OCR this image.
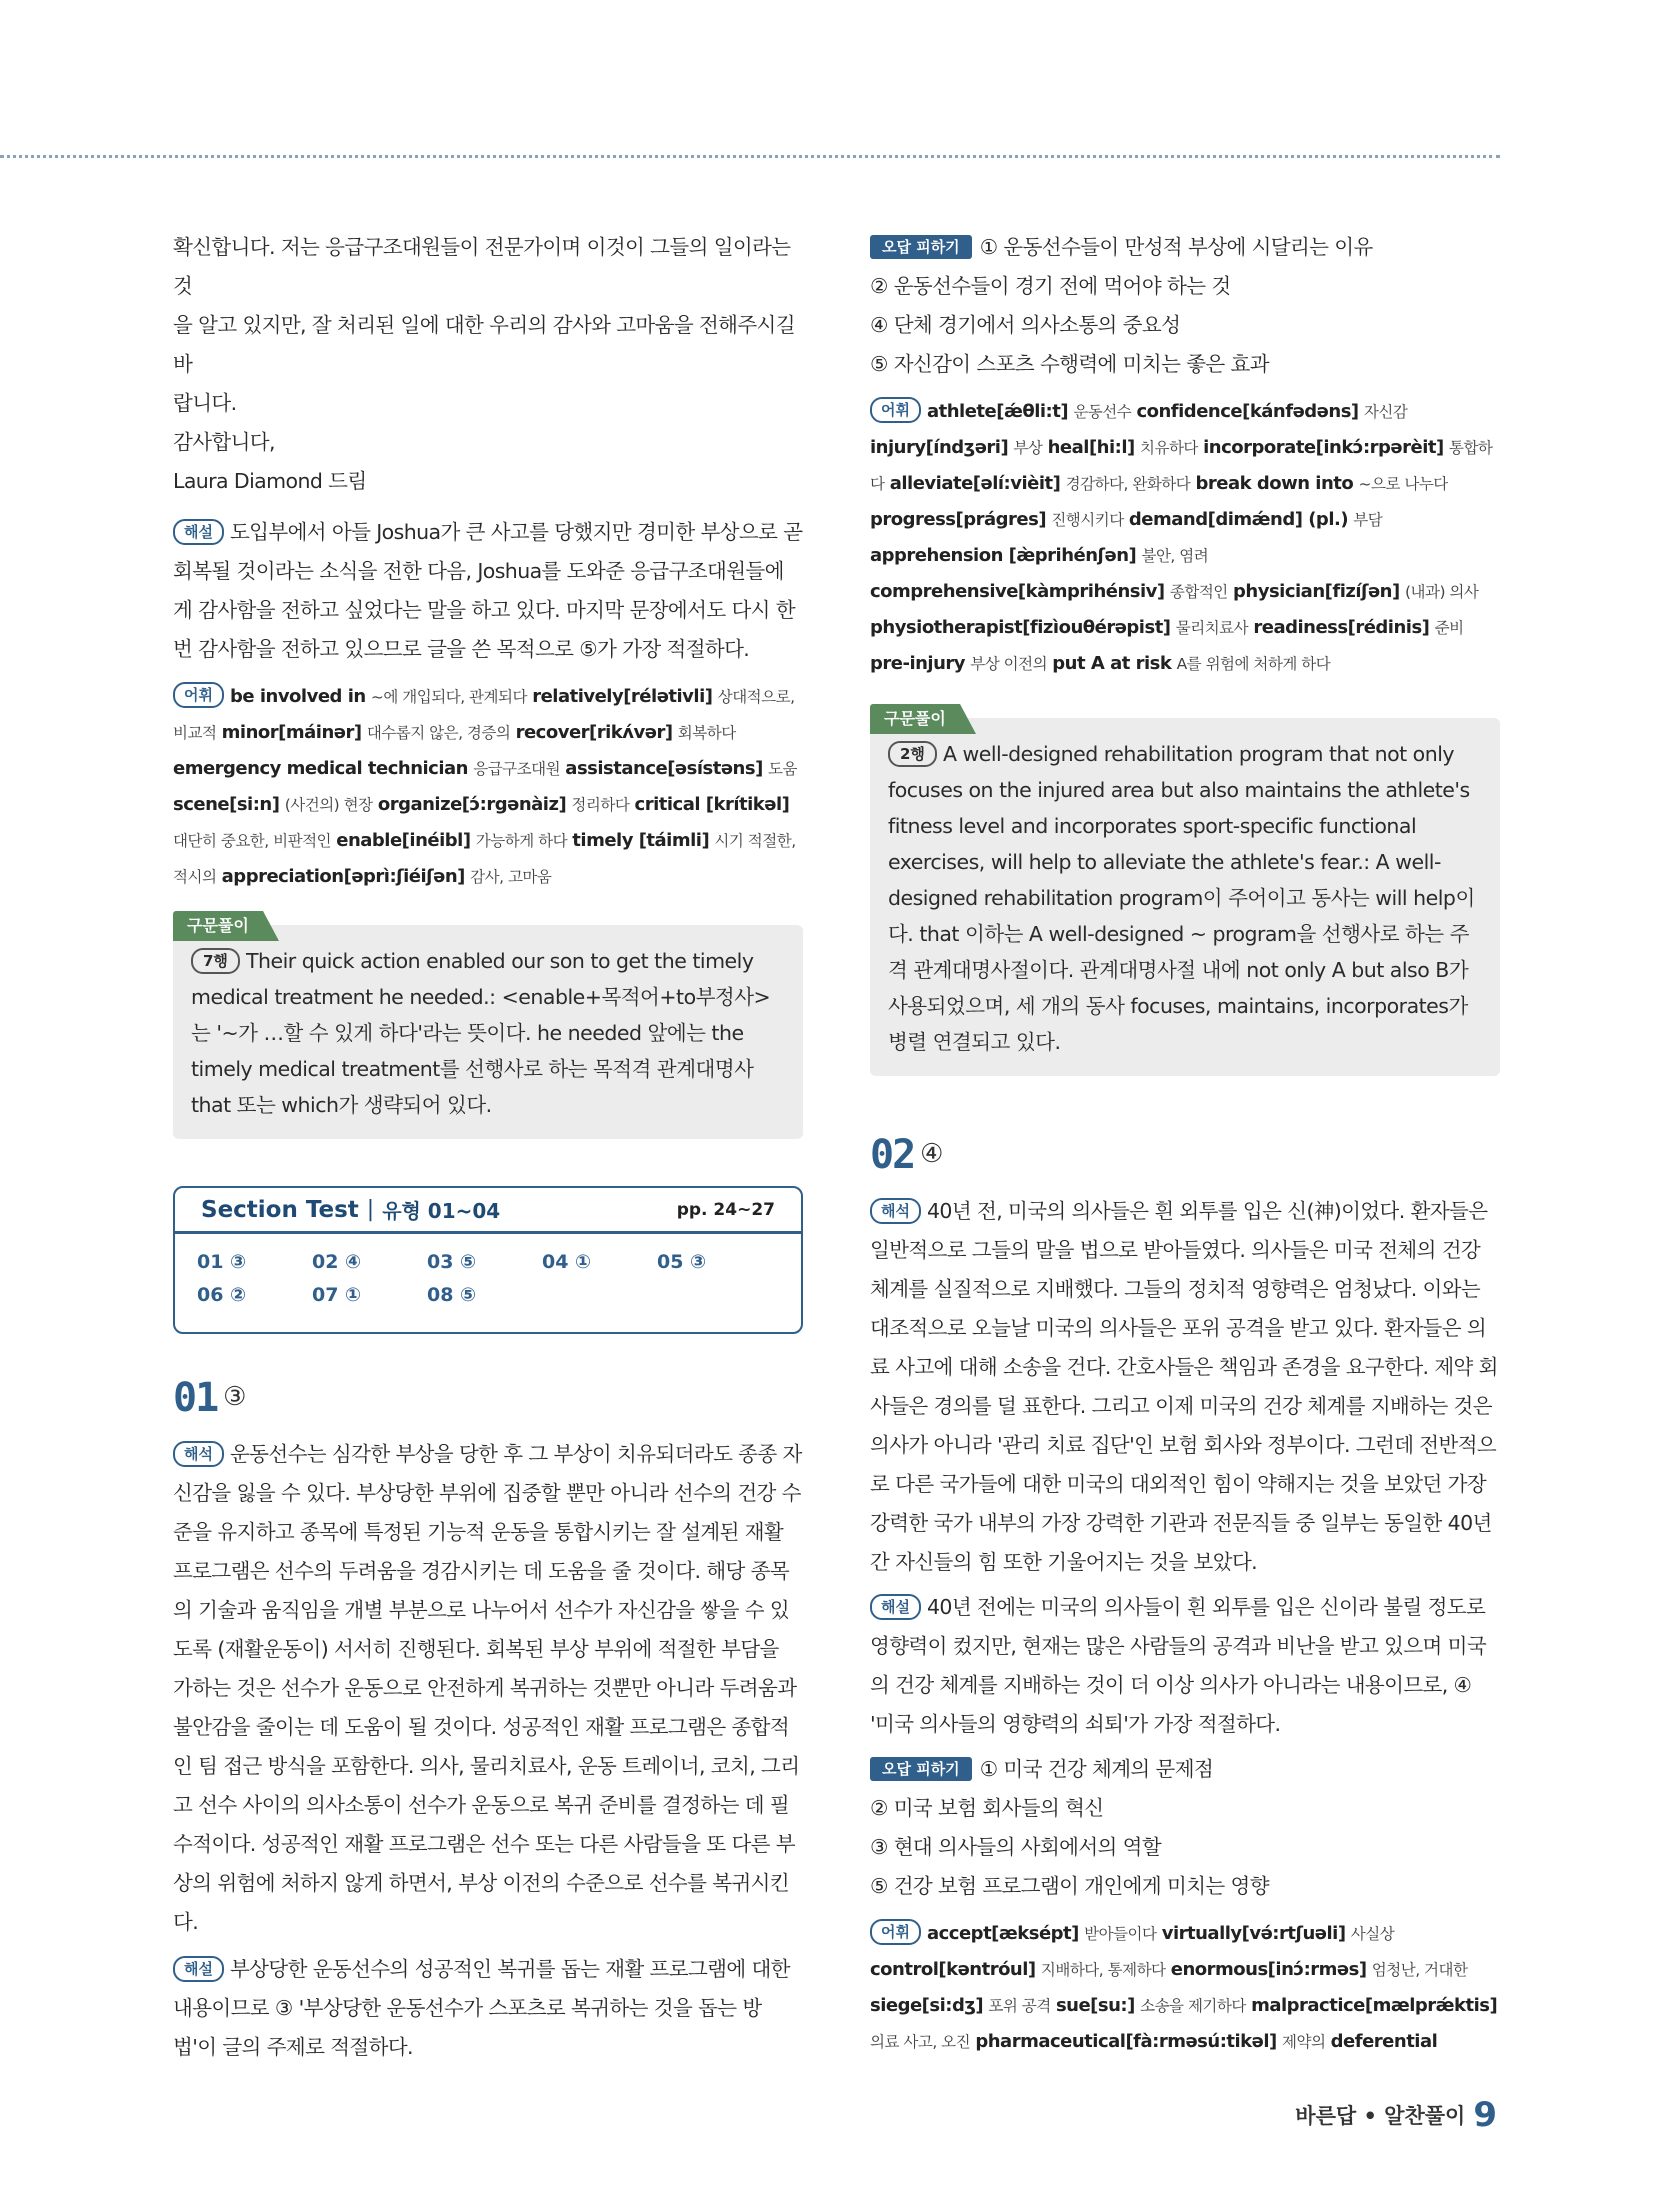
확신합니다. 저는 응급구조대원들이 전문가이며 이것이 그들의 일이라는 것
을 알고 있지만, 잘 처리된 일에 대한 우리의 감사와 고마움을 전해주시길 바
랍니다.
감사합니다,
Laura Diamond 드림

해설 도입부에서 아들 Joshua가 큰 사고를 당했지만 경미한 부상으로 곧 회복될 것이라는 소식을 전한 다음, Joshua를 도와준 응급구조대원들에게 감사함을 전하고 싶었다는 말을 하고 있다. 마지막 문장에서도 다시 한 번 감사함을 전하고 있으므로 글을 쓴 목적으로 ⑤가 가장 적절하다.

어휘 be involved in ~에 개입되다, 관계되다 relatively[rélətivli] 상대적으로, 비교적 minor[máinər] 대수롭지 않은, 경증의 recover[rikʌ́vər] 회복하다 emergency medical technician 응급구조대원 assistance[əsístəns] 도움 scene[si:n] (사건의) 현장 organize[ɔ́:rgənàiz] 정리하다 critical [krítikəl] 대단히 중요한, 비판적인 enable[inéibl] 가능하게 하다 timely [táimli] 시기 적절한, 적시의 appreciation[əprì:ʃiéiʃən] 감사, 고마움
구문풀이

7행 Their quick action enabled our son to get the timely medical treatment he needed.: <enable+목적어+to부정사>는 '~가 …할 수 있게 하다'라는 뜻이다. he needed 앞에는 the timely medical treatment를 선행사로 하는 목적격 관계대명사 that 또는 which가 생략되어 있다.

Section Test | 유형 01~04	pp. 24~27
01 ③	02 ④	03 ⑤	04 ①	05 ③
06 ②	07 ①	08 ⑤
01 ③

해석 운동선수는 심각한 부상을 당한 후 그 부상이 치유되더라도 종종 자신감을 잃을 수 있다. 부상당한 부위에 집중할 뿐만 아니라 선수의 건강 수준을 유지하고 종목에 특정된 기능적 운동을 통합시키는 잘 설계된 재활 프로그램은 선수의 두려움을 경감시키는 데 도움을 줄 것이다. 해당 종목의 기술과 움직임을 개별 부분으로 나누어서 선수가 자신감을 쌓을 수 있도록 (재활운동이) 서서히 진행된다. 회복된 부상 부위에 적절한 부담을 가하는 것은 선수가 운동으로 안전하게 복귀하는 것뿐만 아니라 두려움과 불안감을 줄이는 데 도움이 될 것이다. 성공적인 재활 프로그램은 종합적인 팀 접근 방식을 포함한다. 의사, 물리치료사, 운동 트레이너, 코치, 그리고 선수 사이의 의사소통이 선수가 운동으로 복귀 준비를 결정하는 데 필수적이다. 성공적인 재활 프로그램은 선수 또는 다른 사람들을 또 다른 부상의 위험에 처하지 않게 하면서, 부상 이전의 수준으로 선수를 복귀시킨다.

해설 부상당한 운동선수의 성공적인 복귀를 돕는 재활 프로그램에 대한 내용이므로 ③ '부상당한 운동선수가 스포츠로 복귀하는 것을 돕는 방법'이 글의 주제로 적절하다.

오답 피하기 ① 운동선수들이 만성적 부상에 시달리는 이유
② 운동선수들이 경기 전에 먹어야 하는 것
④ 단체 경기에서 의사소통의 중요성
⑤ 자신감이 스포츠 수행력에 미치는 좋은 효과
어휘 athlete[ǽθli:t] 운동선수 confidence[kánfədəns] 자신감 injury[índʒəri] 부상 heal[hi:l] 치유하다 incorporate[inkɔ́:rpərèit] 통합하다 alleviate[əlí:vièit] 경감하다, 완화하다 break down into ~으로 나누다 progress[prágres] 진행시키다 demand[dimǽnd] (pl.) 부담 apprehension [æ̀prihénʃən] 불안, 염려 comprehensive[kàmprihénsiv] 종합적인 physician[fizíʃən] (내과) 의사 physiotherapist[fizìouθérəpist] 물리치료사 readiness[rédinis] 준비 pre-injury 부상 이전의 put A at risk A를 위험에 처하게 하다
구문풀이

2행 A well-designed rehabilitation program that not only focuses on the injured area but also maintains the athlete's fitness level and incorporates sport-specific functional exercises, will help to alleviate the athlete's fear.: A well-designed rehabilitation program이 주어이고 동사는 will help이다. that 이하는 A well-designed ~ program을 선행사로 하는 주격 관계대명사절이다. 관계대명사절 내에 not only A but also B가 사용되었으며, 세 개의 동사 focuses, maintains, incorporates가 병렬 연결되고 있다.

02 ④

해석 40년 전, 미국의 의사들은 흰 외투를 입은 신(神)이었다. 환자들은 일반적으로 그들의 말을 법으로 받아들였다. 의사들은 미국 전체의 건강 체계를 실질적으로 지배했다. 그들의 정치적 영향력은 엄청났다. 이와는 대조적으로 오늘날 미국의 의사들은 포위 공격을 받고 있다. 환자들은 의료 사고에 대해 소송을 건다. 간호사들은 책임과 존경을 요구한다. 제약 회사들은 경의를 덜 표한다. 그리고 이제 미국의 건강 체계를 지배하는 것은 의사가 아니라 '관리 치료 집단'인 보험 회사와 정부이다. 그런데 전반적으로 다른 국가들에 대한 미국의 대외적인 힘이 약해지는 것을 보았던 가장 강력한 국가 내부의 가장 강력한 기관과 전문직들 중 일부는 동일한 40년간 자신들의 힘 또한 기울어지는 것을 보았다.

해설 40년 전에는 미국의 의사들이 흰 외투를 입은 신이라 불릴 정도로 영향력이 컸지만, 현재는 많은 사람들의 공격과 비난을 받고 있으며 미국의 건강 체계를 지배하는 것이 더 이상 의사가 아니라는 내용이므로, ④ '미국 의사들의 영향력의 쇠퇴'가 가장 적절하다.

오답 피하기 ① 미국 건강 체계의 문제점
② 미국 보험 회사들의 혁신
③ 현대 의사들의 사회에서의 역할
⑤ 건강 보험 프로그램이 개인에게 미치는 영향
어휘 accept[æksépt] 받아들이다 virtually[və́:rtʃuəli] 사실상 control[kəntróul] 지배하다, 통제하다 enormous[inɔ́:rməs] 엄청난, 거대한 siege[si:dʒ] 포위 공격 sue[su:] 소송을 제기하다 malpractice[mælprǽktis] 의료 사고, 오진 pharmaceutical[fà:rməsú:tikəl] 제약의 deferential
바른답 • 알찬풀이 9
